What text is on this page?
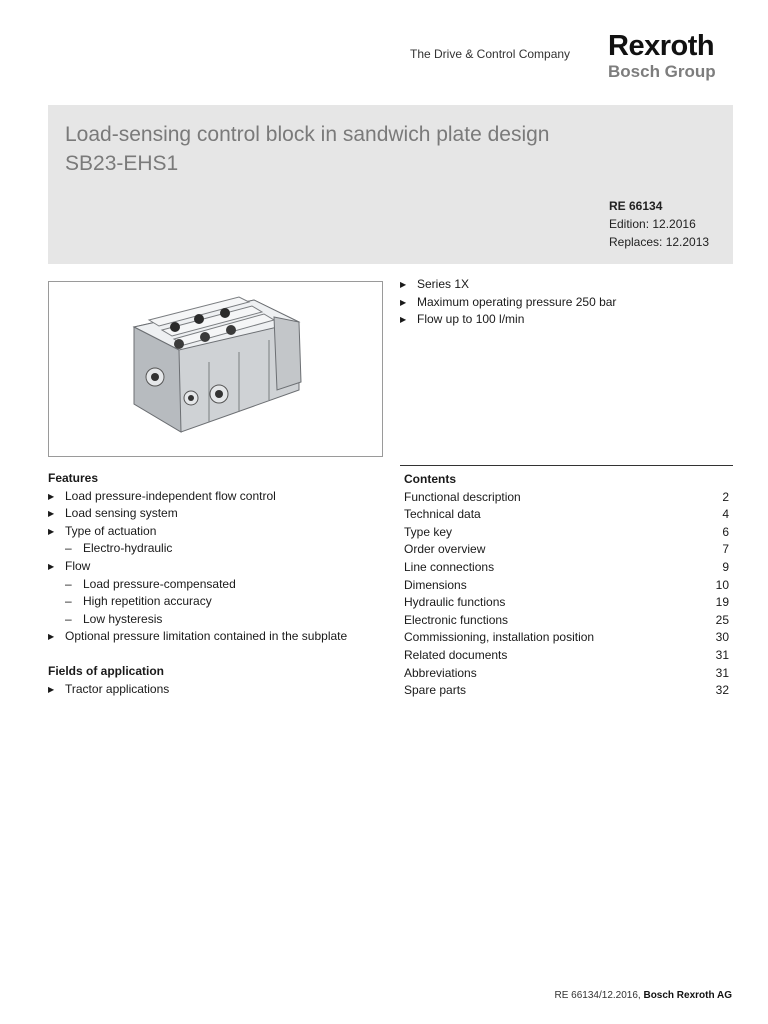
The Drive & Control Company Rexroth
Bosch Group
Load-sensing control block in sandwich plate design
SB23-EHS1
RE 66134
Edition: 12.2016
Replaces: 12.2013
▶ Series 1X
▶ Maximum operating pressure 250 bar
▶ Flow up to 100 l/min
Features
▶ Load pressure-independent flow control
▶ Load sensing system
▶ Type of actuation
– Electro-hydraulic
▶ Flow
– Load pressure-compensated
– High repetition accuracy
– Low hysteresis
▶ Optional pressure limitation contained in the subplate
Fields of application
▶ Tractor applications
Contents
Functional description	2
Technical data	4
Type key	6
Order overview	7
Line connections	9
Dimensions	10
Hydraulic functions	19
Electronic functions	25
Commissioning, installation position	30
Related documents	31
Abbreviations	31
Spare parts	32
RE 66134/12.2016, Bosch Rexroth AG
